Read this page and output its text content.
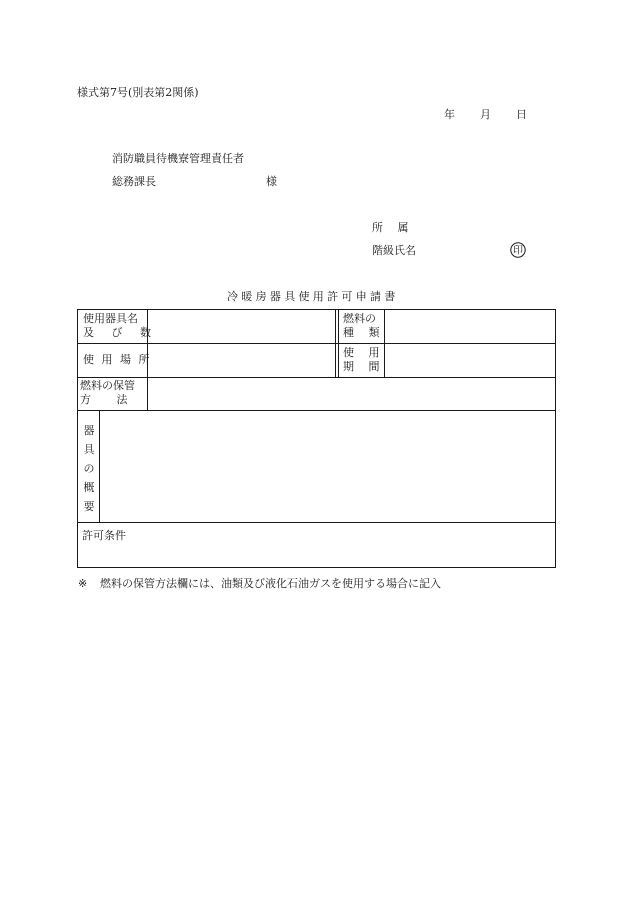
様式第7号(別表第2関係)
年 月 日
消防職員待機寮管理責任者
総務課長	様
所　 属
階級氏名	印
冷暖房器具使用許可申請書
使用器具名
及 び 数
燃料の
種　 類
使 用 場 所
使　 用
期　 間
燃料の保管
方　　 法
器
具
の
概
要
許可条件
※ 燃料の保管方法欄には、油類及び液化石油ガスを使用する場合に記入
